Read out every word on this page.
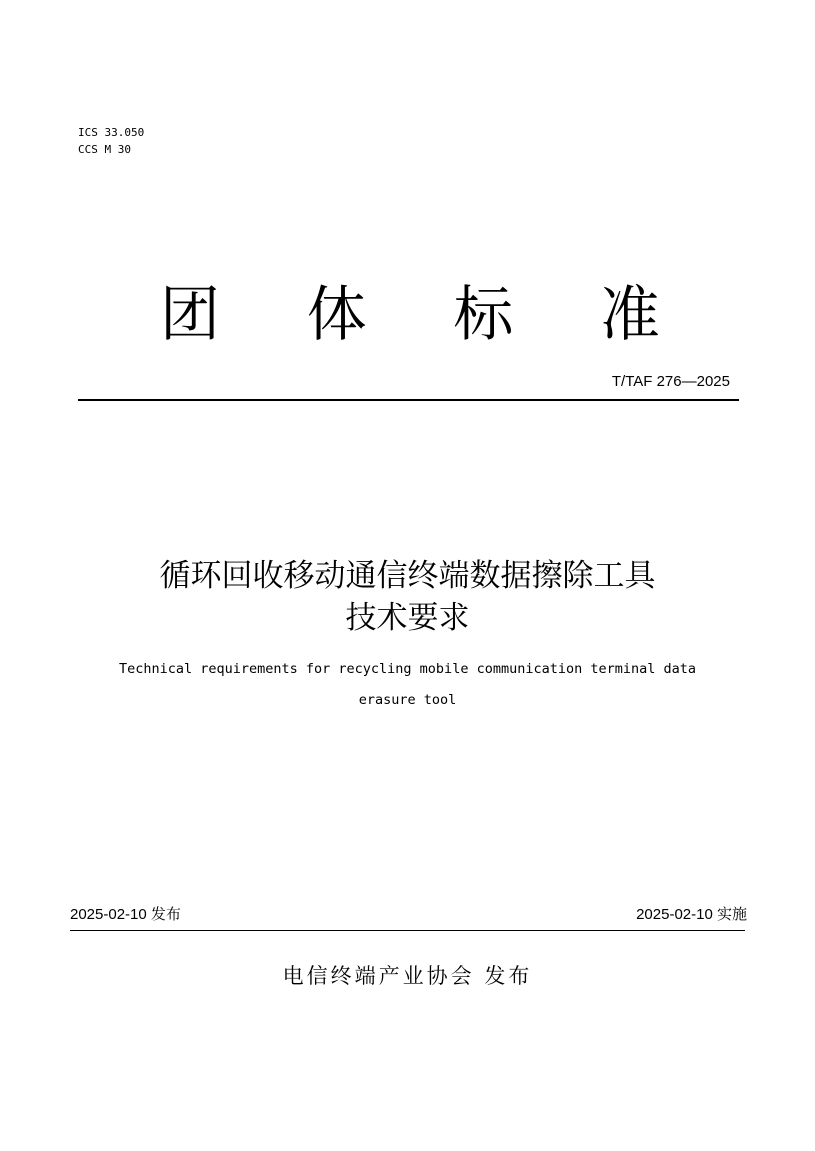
ICS 33.050
CCS M 30
团 体 标 准
T/TAF 276—2025
循环回收移动通信终端数据擦除工具
技术要求
Technical requirements for recycling mobile communication terminal data
erasure tool
2025-02-10 发布	2025-02-10 实施
电信终端产业协会 发布
